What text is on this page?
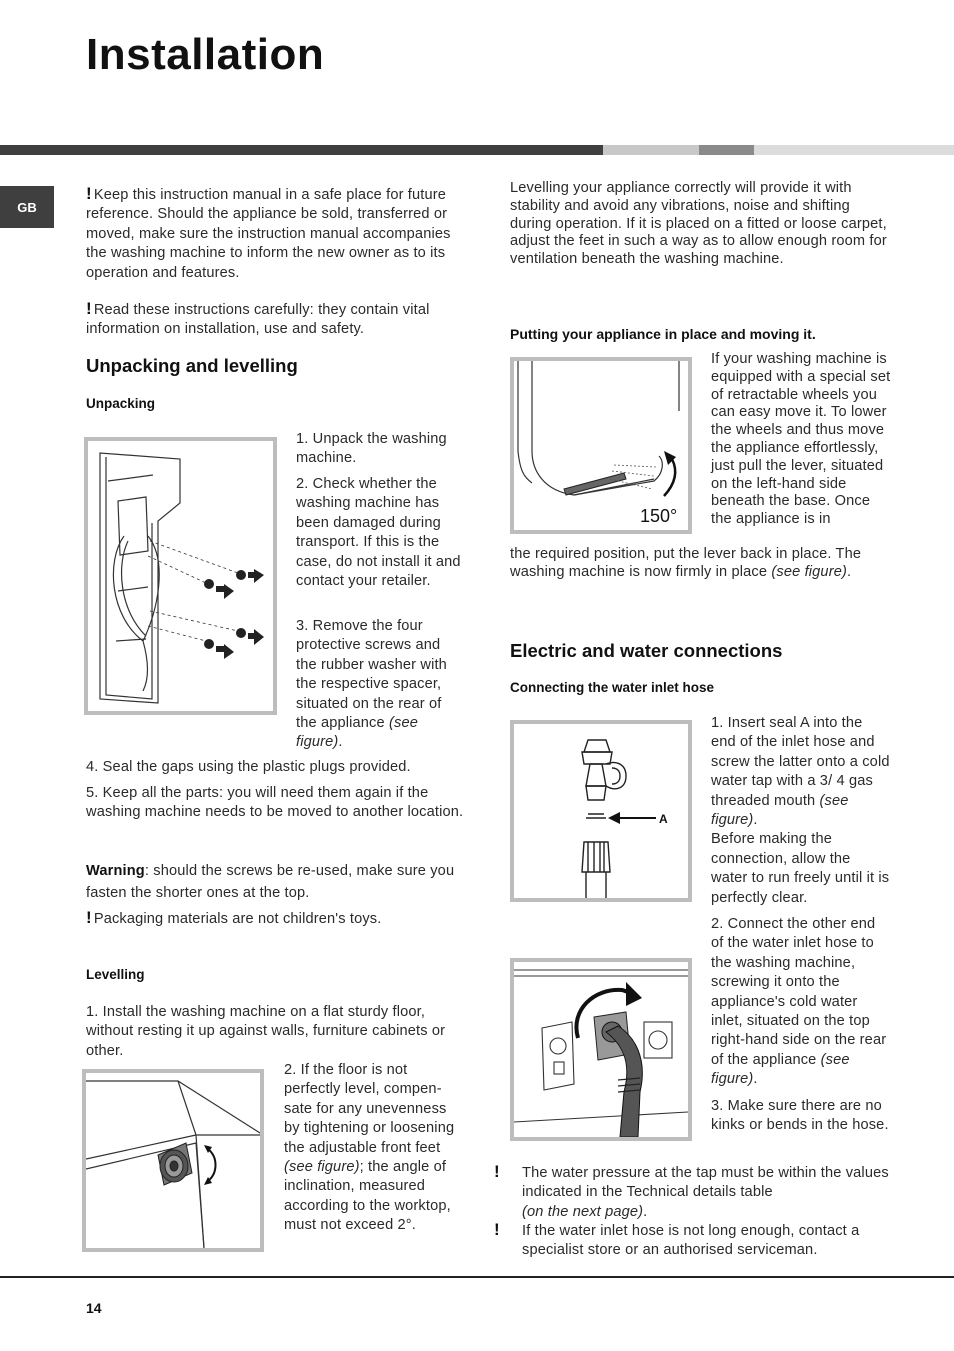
Installation
GB

! Keep this instruction manual in a safe place for future reference. Should the appliance be sold, transferred or moved, make sure the instruction manual accompanies the washing machine to inform the new owner as to its operation and features.

! Read these instructions carefully: they contain vital information on installation, use and safety.

Unpacking and levelling
Unpacking

1. Unpack the washing machine.

2. Check whether the washing machine has been damaged during transport. If this is the case, do not install it and contact your retailer.

3. Remove the four protective screws and the rubber washer with the respective spacer, situated on the rear of the appliance (see figure).

4. Seal the gaps using the plastic plugs provided.

5. Keep all the parts: you will need them again if the washing machine needs to be moved to another location.

Warning: should the screws be re-used, make sure you fasten the shorter ones at the top.

! Packaging materials are not children's toys.

Levelling

1. Install the washing machine on a flat sturdy floor, without resting it up against walls, furniture cabinets or other.

2. If the floor is not perfectly level, compen-sate for any unevenness by tightening or loosening the adjustable front feet (see figure); the angle of inclination, measured according to the worktop, must not exceed 2°.

Levelling your appliance correctly will provide it with stability and avoid any vibrations, noise and shifting during operation. If it is placed on a fitted or loose carpet, adjust the feet in such a way as to allow enough room for ventilation beneath the washing machine.

Putting your appliance in place and moving it.
150°

If your washing machine is equipped with a special set of retractable wheels you can easy move it. To lower the wheels and thus move the appliance effortlessly, just pull the lever, situated on the left-hand side beneath the base. Once the appliance is in

the required position, put the lever back in place. The washing machine is now firmly in place (see figure).

Electric and water connections
Connecting the water inlet hose
A

1. Insert seal A into the end of the inlet hose and screw the latter onto a cold water tap with a 3/ 4 gas threaded mouth (see figure).
Before making the connection, allow the water to run freely until it is perfectly clear.

2. Connect the other end of the water inlet hose to the washing machine, screwing it onto the appliance's cold water inlet, situated on the top right-hand side on the rear of the appliance (see figure).

3. Make sure there are no kinks or bends in the hose.

! The water pressure at the tap must be within the values indicated in the Technical details table
(on the next page).

! If the water inlet hose is not long enough, contact a specialist store or an authorised serviceman.

14
